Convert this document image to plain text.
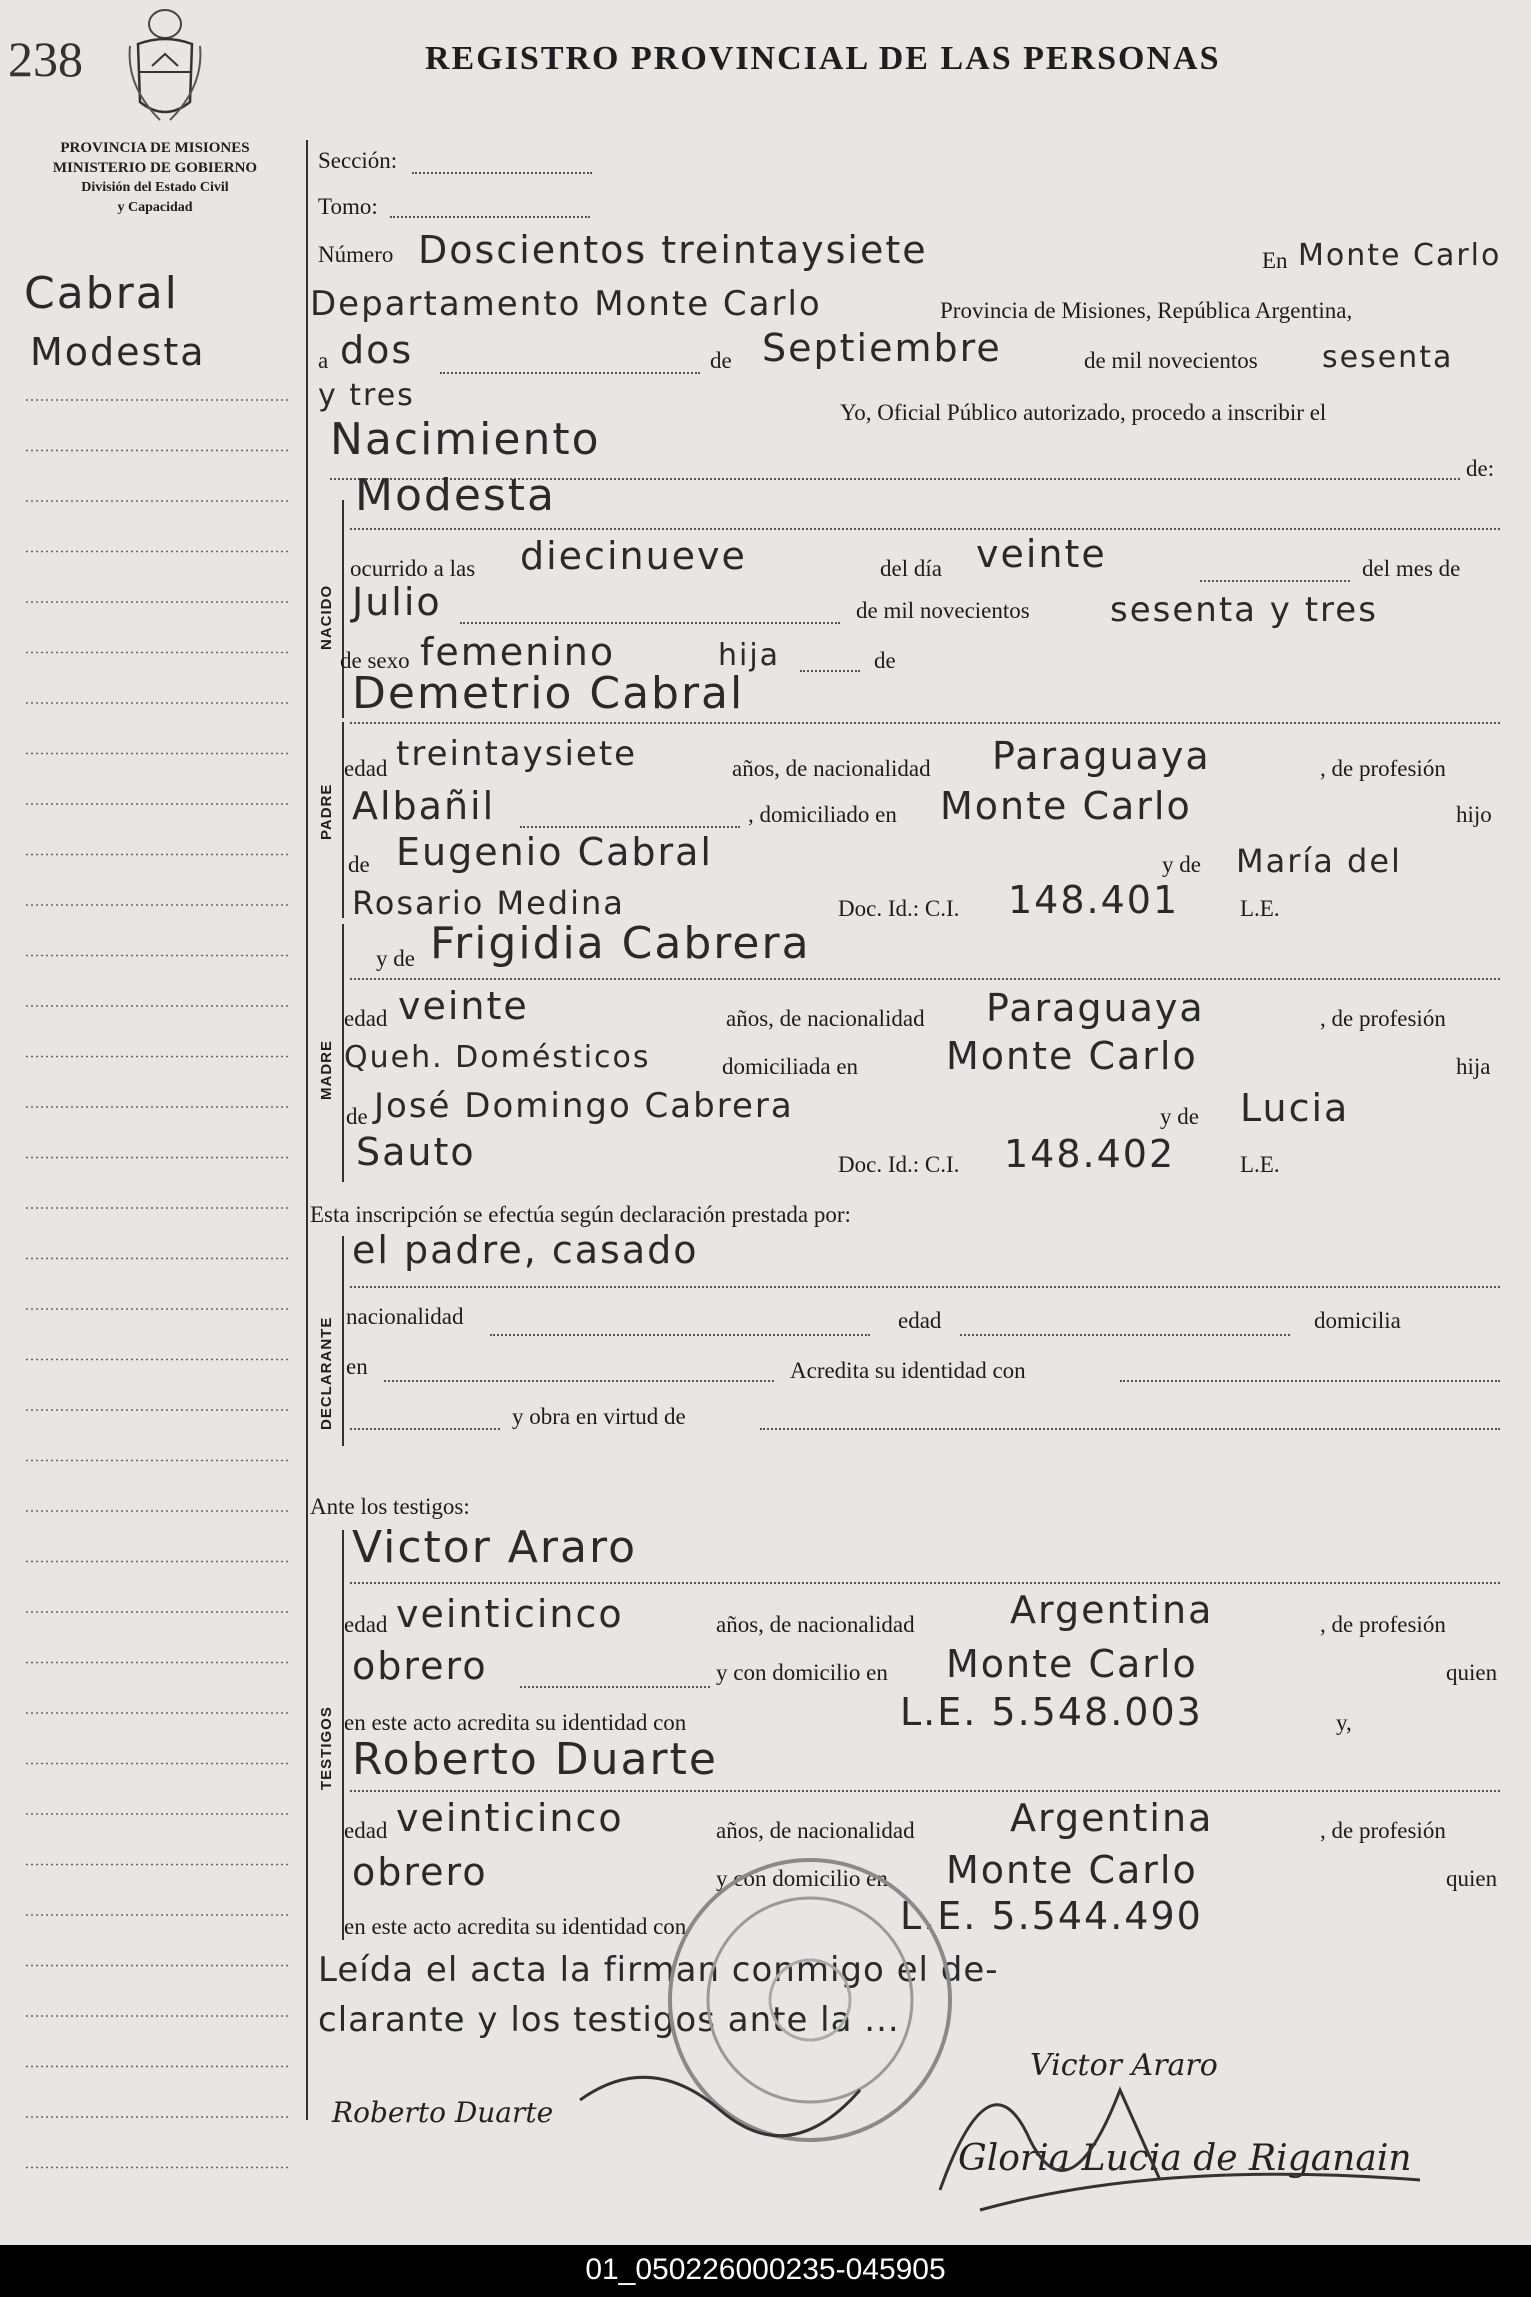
238	REGISTRO PROVINCIAL DE LAS PERSONAS
PROVINCIA DE MISIONES
MINISTERIO DE GOBIERNO
División del Estado Civil
y Capacidad
Cabral
Modesta
Sección:
Tomo:
Número Doscientos treintaysiete	En Monte Carlo
Departamento Monte Carlo	Provincia de Misiones, República Argentina,
a dos	de Septiembre	de mil novecientos sesenta
y tres	Yo, Oficial Público autorizado, procedo a inscribir el
Nacimiento
de:
NACIDO
Modesta
ocurrido a las diecinueve	del día veinte	del mes de
Julio	de mil novecientos sesenta y tres
de sexo femenino	hija	de
PADRE
Demetrio Cabral
edad treintaysiete	años, de nacionalidad Paraguaya	, de profesión
Albañil	, domiciliado en Monte Carlo	hijo
de Eugenio Cabral	y de María del
Rosario Medina	Doc. Id.: C.I. 148.401	L.E.
MADRE
y de Frigidia Cabrera
edad veinte	años, de nacionalidad Paraguaya	, de profesión
Queh. Domésticos	domiciliada en Monte Carlo	hija
de José Domingo Cabrera	y de Lucia
Sauto	Doc. Id.: C.I. 148.402	L.E.
Esta inscripción se efectúa según declaración prestada por:
DECLARANTE
el padre, casado
nacionalidad	edad	domicilia
en	Acredita su identidad con
y obra en virtud de
Ante los testigos:
TESTIGOS
Victor Araro
edad veinticinco	años, de nacionalidad	Argentina	, de profesión
obrero	y con domicilio en Monte Carlo	quien
en este acto acredita su identidad con	L.E. 5.548.003	y,
Roberto Duarte
edad veinticinco	años, de nacionalidad	Argentina	, de profesión
obrero	y con domicilio en Monte Carlo	quien
en este acto acredita su identidad con	L.E. 5.544.490
Leída el acta la firman conmigo el de-
clarante y los testigos ante la ...
Roberto Duarte
Victor Araro
Gloria Lucia de Riganain
01_050226000235-045905
